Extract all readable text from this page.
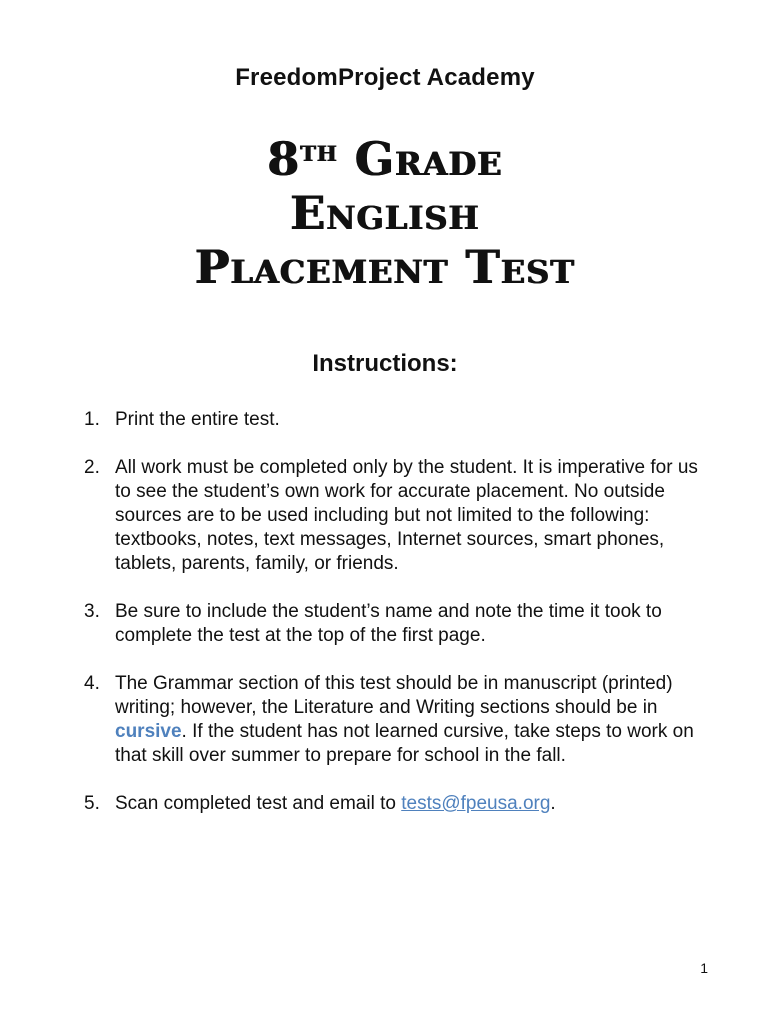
FreedomProject Academy
8th Grade
English
Placement Test
Instructions:
1. Print the entire test.
2. All work must be completed only by the student. It is imperative for us to see the student’s own work for accurate placement. No outside sources are to be used including but not limited to the following: textbooks, notes, text messages, Internet sources, smart phones, tablets, parents, family, or friends.
3. Be sure to include the student’s name and note the time it took to complete the test at the top of the first page.
4. The Grammar section of this test should be in manuscript (printed) writing; however, the Literature and Writing sections should be in cursive. If the student has not learned cursive, take steps to work on that skill over summer to prepare for school in the fall.
5. Scan completed test and email to tests@fpeusa.org.
1
